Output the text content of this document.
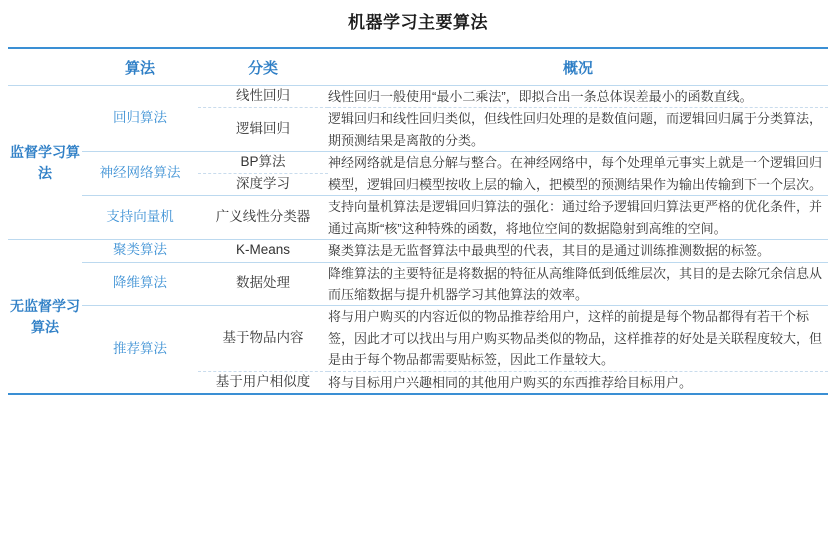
机器学习主要算法
	算法	分类	概况
监督学习算法	回归算法	线性回归	线性回归一般使用“最小二乘法”，即拟合出一条总体误差最小的函数直线。
		逻辑回归	逻辑回归和线性回归类似，但线性回归处理的是数值问题，而逻辑回归属于分类算法，期预测结果是离散的分类。
	神经网络算法	BP算法	神经网络就是信息分解与整合。在神经网络中，每个处理单元事实上就是一个逻辑回归模型，逻辑回归模型按收上层的输入，把模型的预测结果作为输出传输到下一个层次。
		深度学习	
	支持向量机	广义线性分类器	支持向量机算法是逻辑回归算法的强化：通过给予逻辑回归算法更严格的优化条件，并通过高斯“核”这种特殊的函数，将地位空间的数据隐射到高维的空间。
无监督学习算法	聚类算法	K-Means	聚类算法是无监督算法中最典型的代表，其目的是通过训练推测数据的标签。
	降维算法	数据处理	降维算法的主要特征是将数据的特征从高维降低到低维层次，其目的是去除冗余信息从而压缩数据与提升机器学习其他算法的效率。
	推荐算法	基于物品内容	将与用户购买的内容近似的物品推荐给用户，这样的前提是每个物品都得有若干个标签，因此才可以找出与用户购买物品类似的物品，这样推荐的好处是关联程度较大，但是由于每个物品都需要贴标签，因此工作量较大。
		基于用户相似度	将与目标用户兴趣相同的其他用户购买的东西推荐给目标用户。
